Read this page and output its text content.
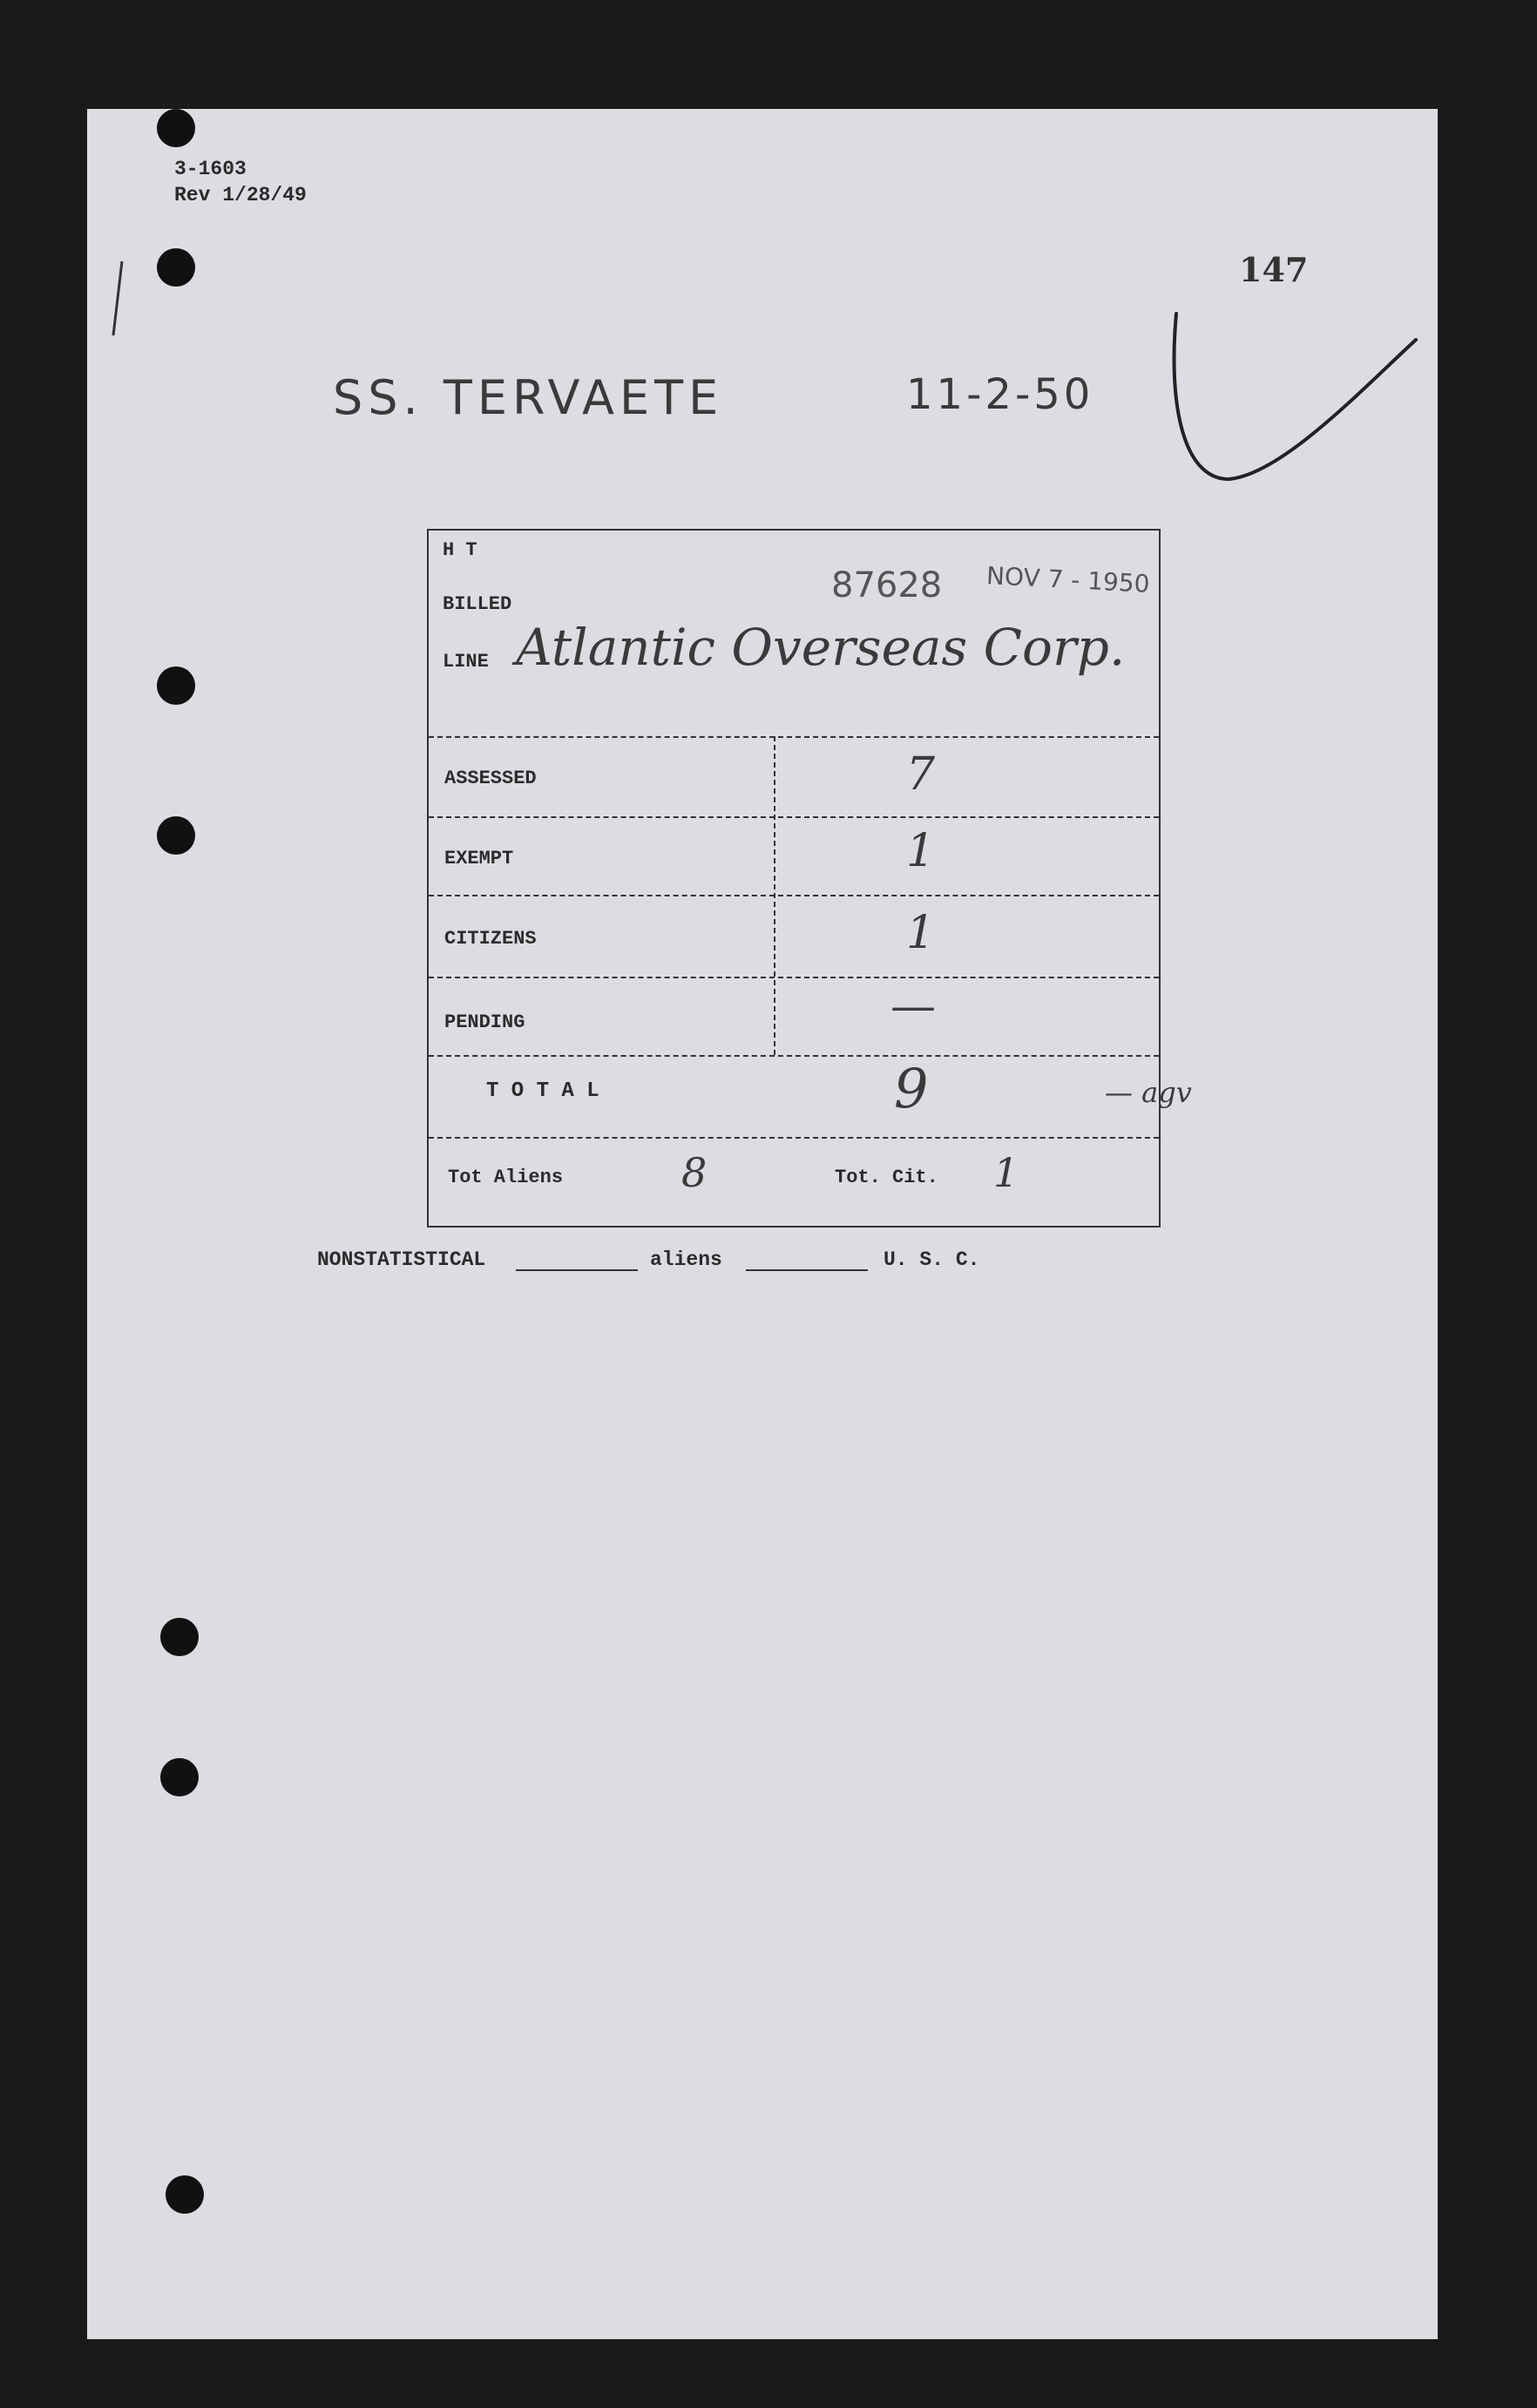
3-1603
Rev 1/28/49
147
SS. TERVAETE	11-2-50
H T
BILLED	87628 NOV 7 - 1950
LINE Atlantic Overseas Corp.
ASSESSED	7
EXEMPT	1
CITIZENS	1
PENDING	—
T O T A L	9
Tot Aliens	8	Tot. Cit. 1
— agv
NONSTATISTICAL	aliens	U. S. C.
